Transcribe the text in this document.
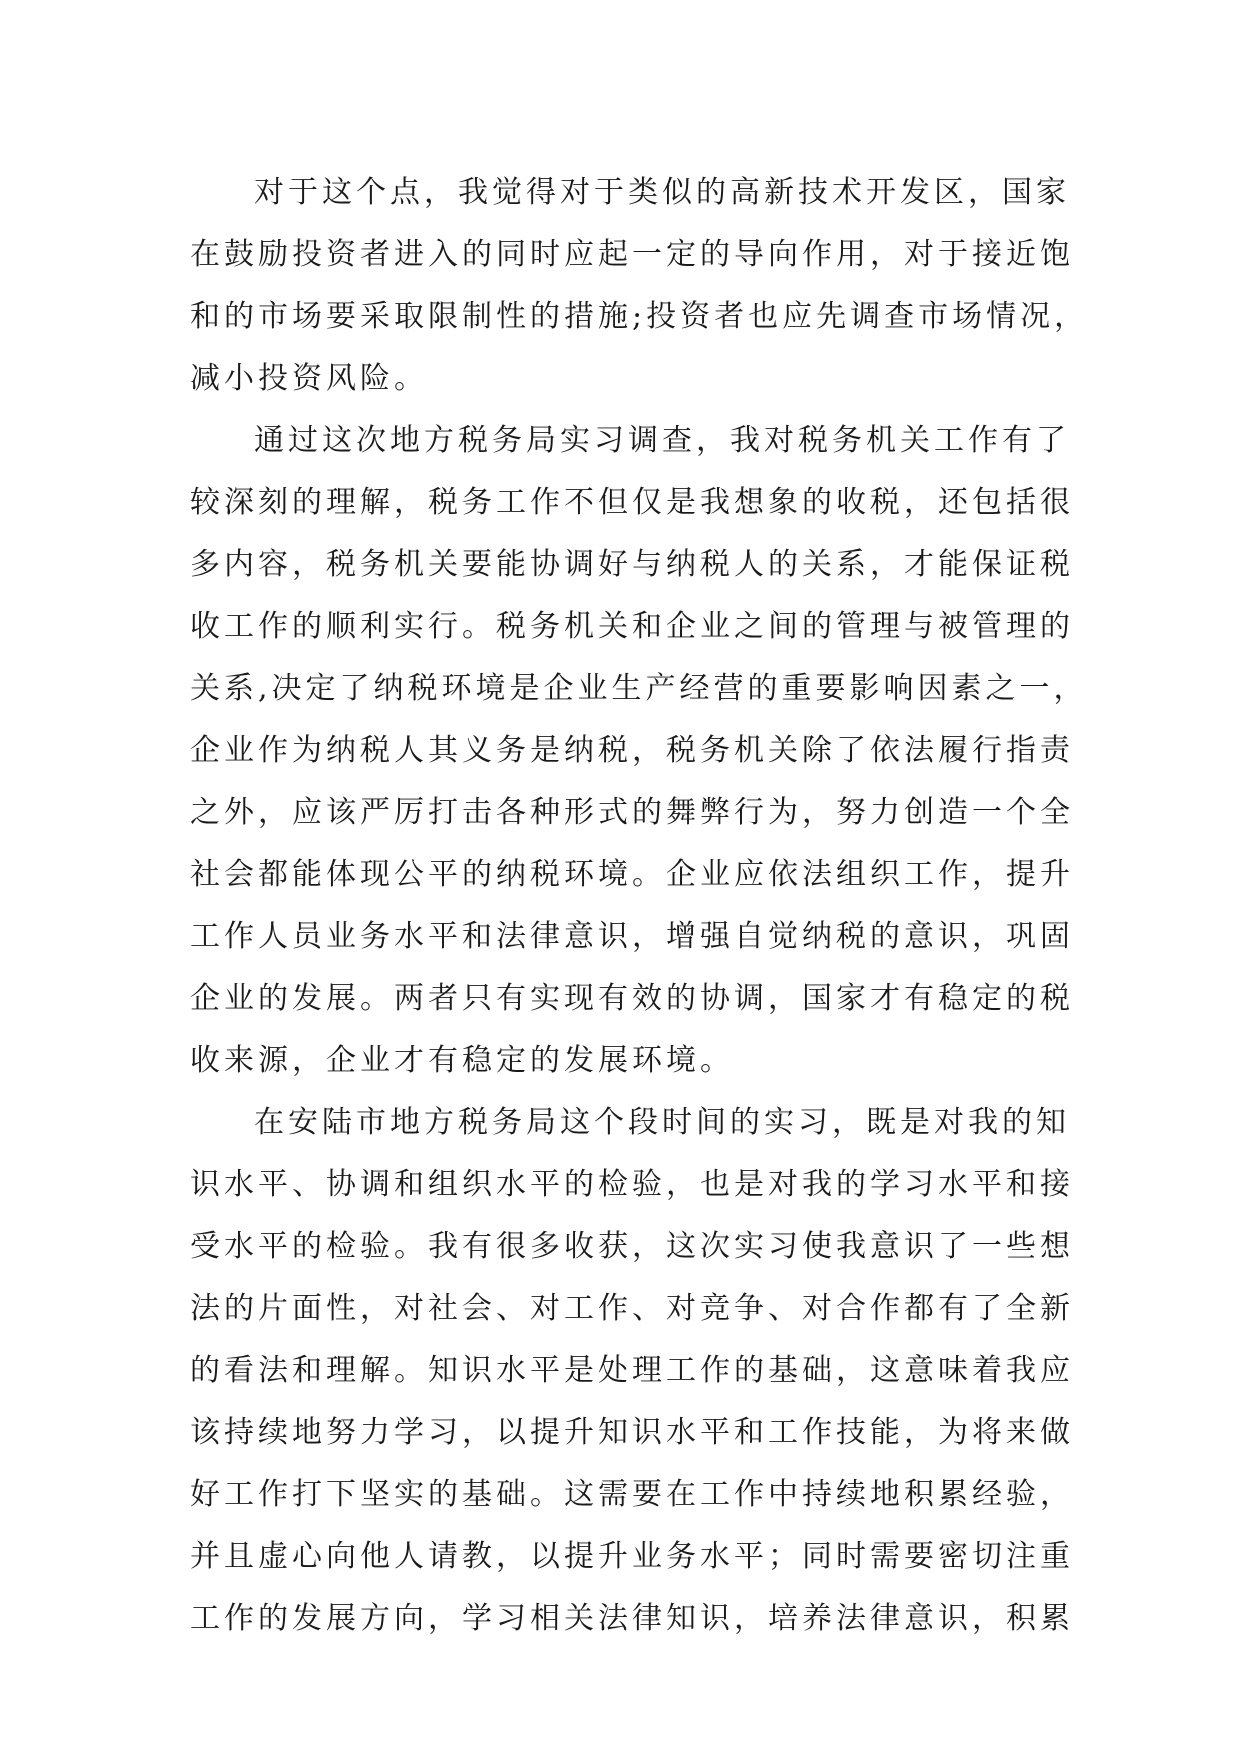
对于这个点，我觉得对于类似的高新技术开发区，国家

在鼓励投资者进入的同时应起一定的导向作用，对于接近饱

和的市场要采取限制性的措施;投资者也应先调查市场情况，

减小投资风险。

通过这次地方税务局实习调查，我对税务机关工作有了

较深刻的理解，税务工作不但仅是我想象的收税，还包括很

多内容，税务机关要能协调好与纳税人的关系，才能保证税

收工作的顺利实行。税务机关和企业之间的管理与被管理的

关系,决定了纳税环境是企业生产经营的重要影响因素之一，

企业作为纳税人其义务是纳税，税务机关除了依法履行指责

之外，应该严厉打击各种形式的舞弊行为，努力创造一个全

社会都能体现公平的纳税环境。企业应依法组织工作，提升

工作人员业务水平和法律意识，增强自觉纳税的意识，巩固

企业的发展。两者只有实现有效的协调，国家才有稳定的税

收来源，企业才有稳定的发展环境。

在安陆市地方税务局这个段时间的实习，既是对我的知

识水平、协调和组织水平的检验，也是对我的学习水平和接

受水平的检验。我有很多收获，这次实习使我意识了一些想

法的片面性，对社会、对工作、对竞争、对合作都有了全新

的看法和理解。知识水平是处理工作的基础，这意味着我应

该持续地努力学习，以提升知识水平和工作技能，为将来做

好工作打下坚实的基础。这需要在工作中持续地积累经验，

并且虚心向他人请教，以提升业务水平；同时需要密切注重

工作的发展方向，学习相关法律知识，培养法律意识，积累
